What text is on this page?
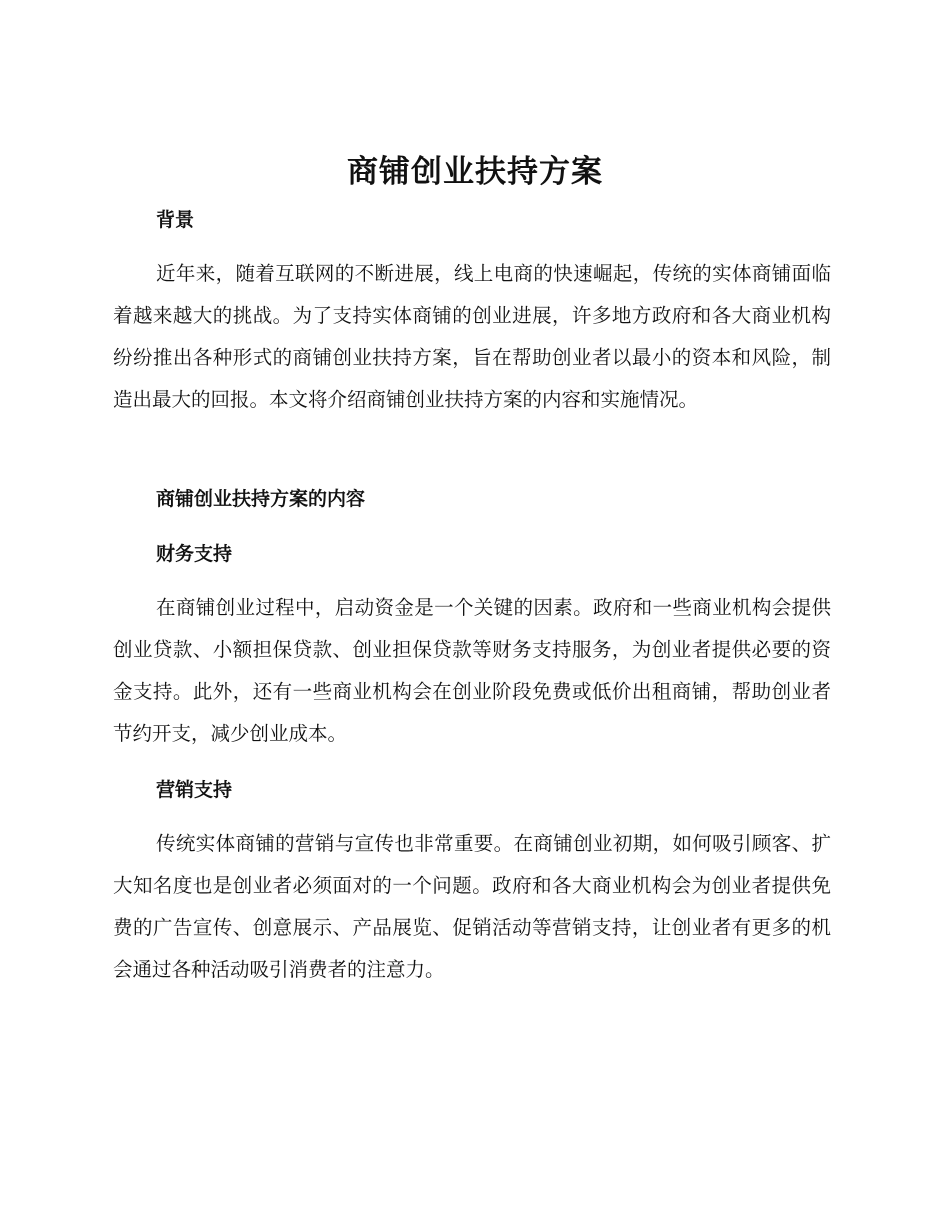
商铺创业扶持方案
背景

近年来，随着互联网的不断进展，线上电商的快速崛起，传统的实体商铺面临着越来越大的挑战。为了支持实体商铺的创业进展，许多地方政府和各大商业机构纷纷推出各种形式的商铺创业扶持方案，旨在帮助创业者以最小的资本和风险，制造出最大的回报。本文将介绍商铺创业扶持方案的内容和实施情况。

商铺创业扶持方案的内容
财务支持

在商铺创业过程中，启动资金是一个关键的因素。政府和一些商业机构会提供创业贷款、小额担保贷款、创业担保贷款等财务支持服务，为创业者提供必要的资金支持。此外，还有一些商业机构会在创业阶段免费或低价出租商铺，帮助创业者节约开支，减少创业成本。

营销支持

传统实体商铺的营销与宣传也非常重要。在商铺创业初期，如何吸引顾客、扩大知名度也是创业者必须面对的一个问题。政府和各大商业机构会为创业者提供免费的广告宣传、创意展示、产品展览、促销活动等营销支持，让创业者有更多的机会通过各种活动吸引消费者的注意力。
